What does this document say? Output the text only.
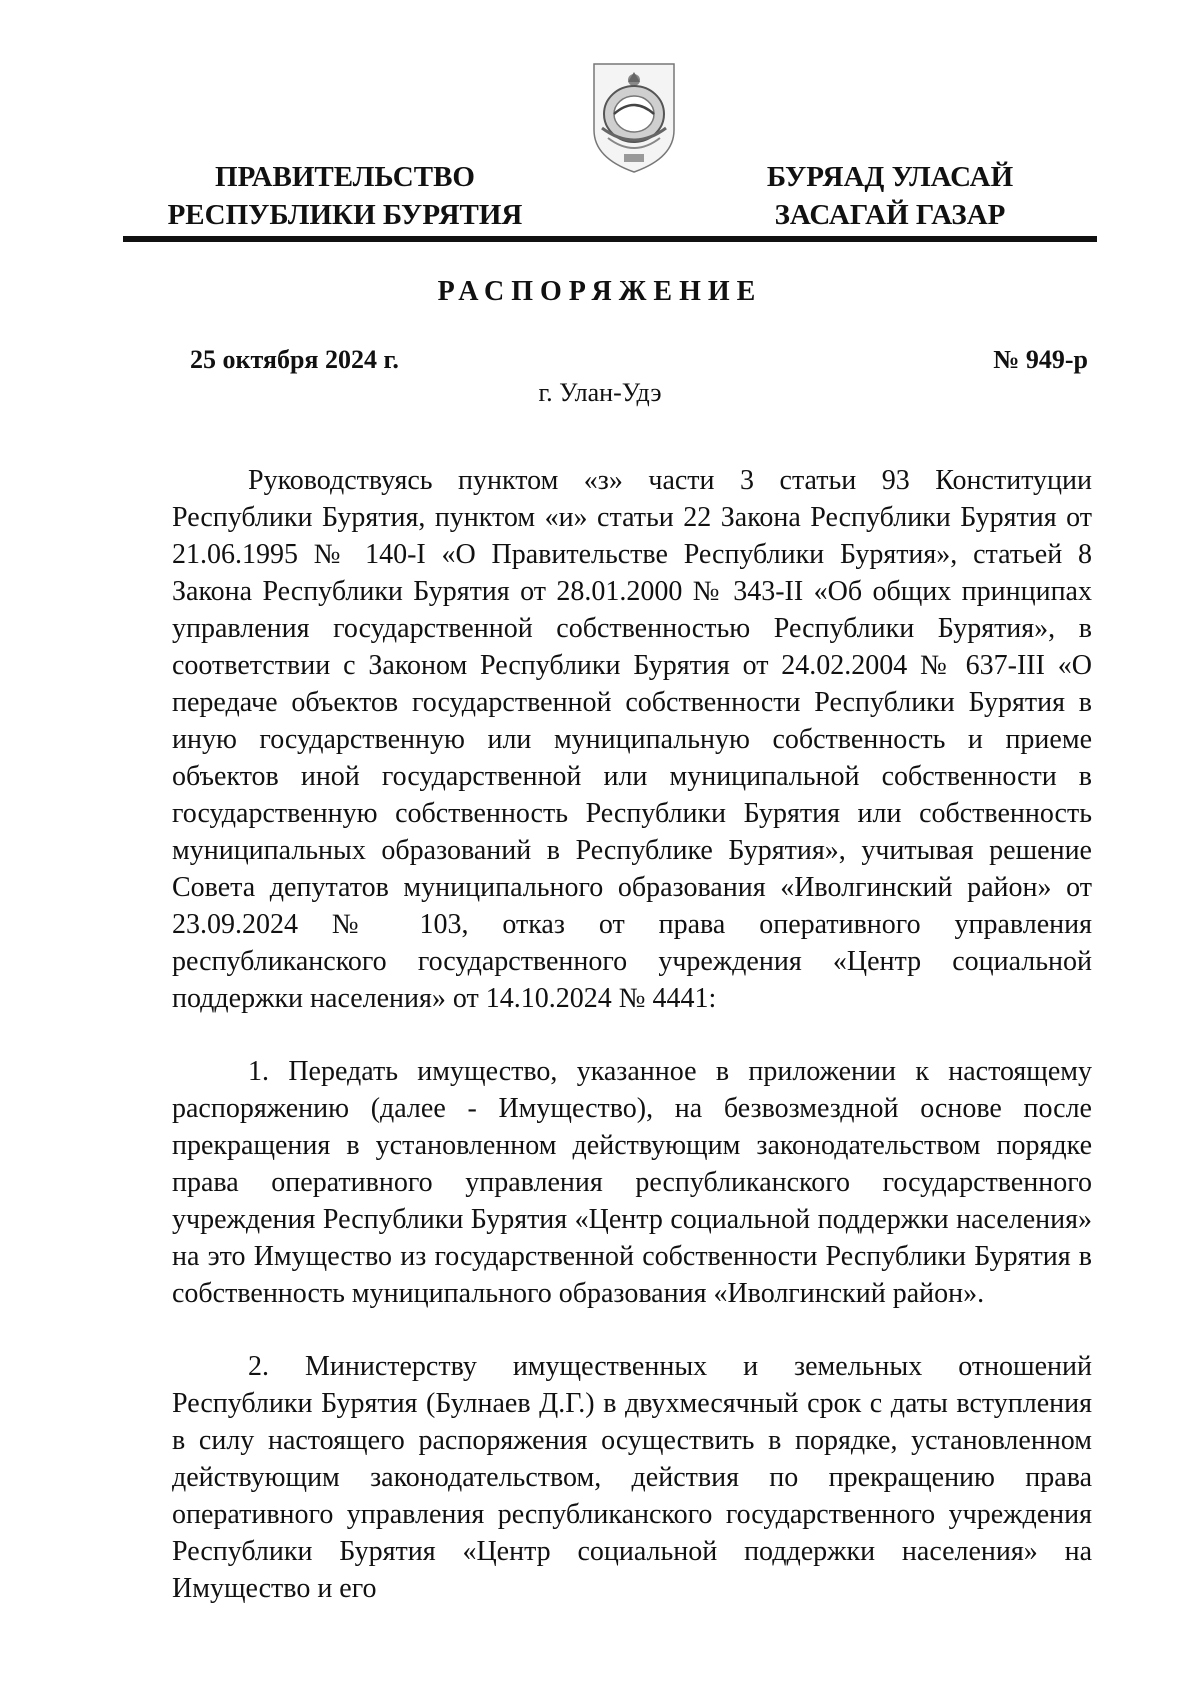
ПРАВИТЕЛЬСТВО
РЕСПУБЛИКИ БУРЯТИЯ
БУРЯАД УЛАСАЙ
ЗАСАГАЙ ГАЗАР
РАСПОРЯЖЕНИЕ
25 октября 2024 г.	№ 949-р
г. Улан-Удэ

Руководствуясь пунктом «з» части 3 статьи 93 Конституции Республики Бурятия, пунктом «и» статьи 22 Закона Республики Бурятия от 21.06.1995 № 140-I «О Правительстве Республики Бурятия», статьей 8 Закона Республики Бурятия от 28.01.2000 № 343-II «Об общих принципах управления государственной собственностью Республики Бурятия», в соответствии с Законом Республики Бурятия от 24.02.2004 № 637-III «О передаче объектов государственной собственности Республики Бурятия в иную государственную или муниципальную собственность и приеме объектов иной государственной или муниципальной собственности в государственную собственность Республики Бурятия или собственность муниципальных образований в Республике Бурятия», учитывая решение Совета депутатов муниципального образования «Иволгинский район» от 23.09.2024 № 103, отказ от права оперативного управления республиканского государственного учреждения «Центр социальной поддержки населения» от 14.10.2024 № 4441:

1. Передать имущество, указанное в приложении к настоящему распоряжению (далее - Имущество), на безвозмездной основе после прекращения в установленном действующим законодательством порядке права оперативного управления республиканского государственного учреждения Республики Бурятия «Центр социальной поддержки населения» на это Имущество из государственной собственности Республики Бурятия в собственность муниципального образования «Иволгинский район».

2. Министерству имущественных и земельных отношений Республики Бурятия (Булнаев Д.Г.) в двухмесячный срок с даты вступления в силу настоящего распоряжения осуществить в порядке, установленном действующим законодательством, действия по прекращению права оперативного управления республиканского государственного учреждения Республики Бурятия «Центр социальной поддержки населения» на Имущество и его
